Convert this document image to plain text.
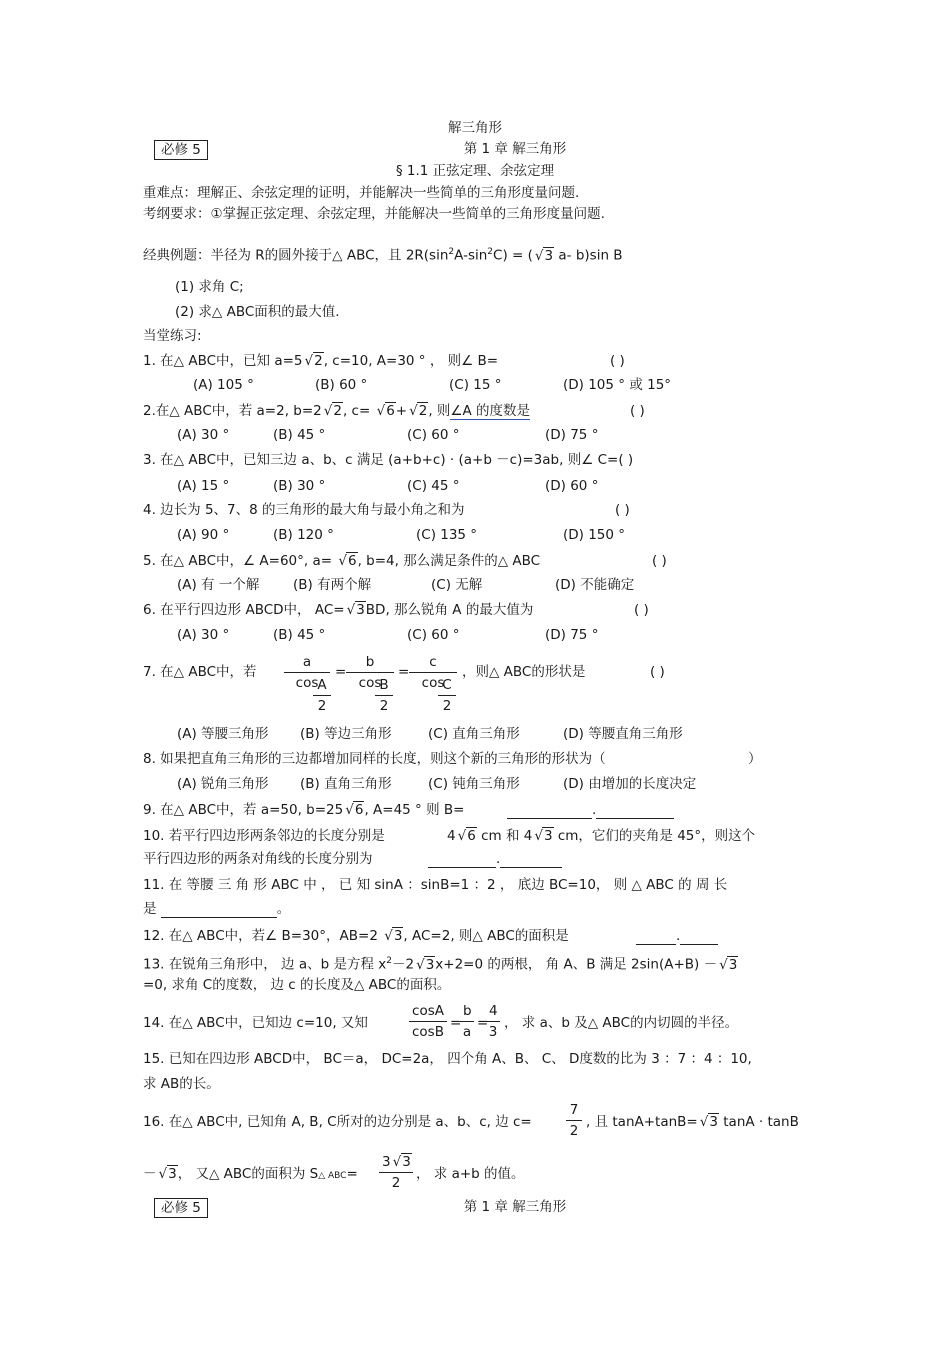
解三角形
必修 5	第 1 章 解三角形
§ 1.1 正弦定理、余弦定理
重难点：理解正、余弦定理的证明，并能解决一些简单的三角形度量问题.
考纲要求：①掌握正弦定理、余弦定理，并能解决一些简单的三角形度量问题.
经典例题：半径为 R的圆外接于△ ABC，且 $2R(\sin^2A-\sin^2C)$ = (√ 3 a- b)sin B
(1) 求角 C;
(2) 求△ ABC面积的最大值.
当堂练习:
1. 在△ ABC中，已知 a=5√ 2, c=10, A=30 ° ， 则∠ B=	( )
(A) 105 °	(B) 60 °	(C) 15 °	(D) 105 ° 或 15°
2.在△ ABC中，若 a=2, b=2√ 2, c= √ 6+√ 2, 则∠A 的度数是	( )
(A) 30 °	(B) 45 °	(C) 60 °	(D) 75 °
3. 在△ ABC中，已知三边 a、b、c 满足 (a+b+c) · (a+b －c)=3ab, 则∠ C=( )
(A) 15 °	(B) 30 °	(C) 45 °	(D) 60 °
4. 边长为 5、7、8 的三角形的最大角与最小角之和为	( )
(A) 90 °	(B) 120 °	(C) 135 °	(D) 150 °
5. 在△ ABC中，∠ A=60°, a= √ 6, b=4, 那么满足条件的△ ABC	( )
(A) 有 一个解 (B) 有两个解	(C) 无解	(D) 不能确定
6. 在平行四边形 ABCD中， AC=√ 3BD, 那么锐角 A 的最大值为	( )
(A) 30 °	(B) 45 °	(C) 60 °	(D) 75 °
7. 在△ ABC中，若 $\frac{a}{\cos}$
$\frac{A}{2}$
= $\frac{b}{\cos}$
$\frac{B}{2}$
= $\frac{c}{\cos}$
$\frac{C}{2}$
，则△ ABC的形状是	( )
(A) 等腰三角形 (B) 等边三角形	(C) 直角三角形	(D) 等腰直角三角形
8. 如果把直角三角形的三边都增加同样的长度，则这个新的三角形的形状为（	）
(A) 锐角三角形 (B) 直角三角形	(C) 钝角三角形	(D) 由增加的长度决定
9. 在△ ABC中，若 a=50, b=25√ 6, A=45 ° 则 B=	.
10. 若平行四边形两条邻边的长度分别是	4√ 6 cm 和 4√ 3 cm，它们的夹角是 45°，则这个
平行四边形的两条对角线的长度分别为	.
11. 在 等腰 三 角 形 ABC 中 ， 已 知 sinA ：sinB=1 ：2 ， 底边 BC=10， 则 △ ABC 的 周 长
是	。
12. 在△ ABC中，若∠ B=30°，AB=2 √ 3, AC=2, 则△ ABC的面积是	.
13. 在锐角三角形中， 边 a、b 是方程 $x^2-2√$ 3x+2=0 的两根， 角 A、B 满足 2sin(A+B) －√ 3
=0, 求角 C的度数， 边 c 的长度及△ ABC的面积。
14. 在△ ABC中，已知边 c=10, 又知	$\frac{\cos A}{\cos B}$ =
$\frac{b}{a}$ =
$\frac{4}{3}$ ， 求 a、b 及△ ABC的内切圆的半径。
15. 已知在四边形 ABCD中， BC＝a， DC=2a， 四个角 A、B、 C、 D度数的比为 3 ：7 ：4 ：10,
求 AB的长。
16. 在△ ABC中, 已知角 A, B, C所对的边分别是 a、b、c, 边 c=	$\frac{7}{2}$ , 且 tanA+tanB=√ 3 tanA · tanB
－√ 3， 又△ ABC的面积为 S△ $ABC= \frac{3√ 3}{2}$ ， 求 a+b 的值。
必修 5	第 1 章 解三角形
